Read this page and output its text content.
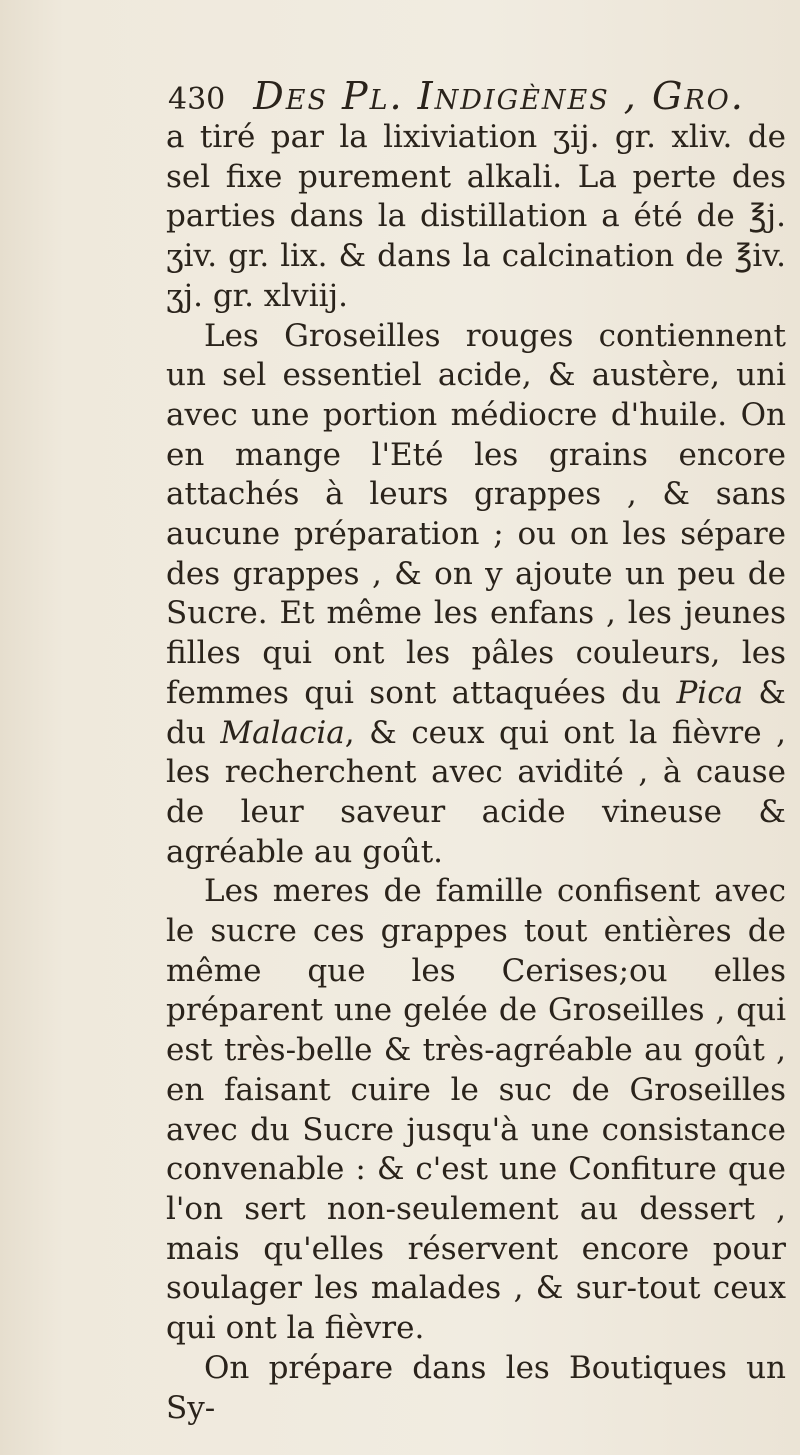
430 Des Pl. Indigènes , Gro.

a tiré par la lixiviation ʒij. gr. xliv. de sel fixe purement alkali. La perte des parties dans la distillation a été de ℥j. ʒiv. gr. lix. & dans la calcination de ℥iv. ʒj. gr. xlviij.

Les Groseilles rouges contiennent un sel essentiel acide, & austère, uni avec une portion médiocre d'huile. On en mange l'Eté les grains encore attachés à leurs grappes , & sans aucune préparation ; ou on les sépare des grappes , & on y ajoute un peu de Sucre. Et même les enfans , les jeunes filles qui ont les pâles couleurs, les femmes qui sont attaquées du Pica & du Malacia, & ceux qui ont la fièvre , les recherchent avec avidité , à cause de leur saveur acide vineuse & agréable au goût.

Les meres de famille confisent avec le sucre ces grappes tout entières de même que les Cerises;ou elles préparent une gelée de Groseilles , qui est très-belle & très-agréable au goût , en faisant cuire le suc de Groseilles avec du Sucre jusqu'à une consistance convenable : & c'est une Confiture que l'on sert non-seulement au dessert , mais qu'elles réservent encore pour soulager les malades , & sur-tout ceux qui ont la fièvre.

On prépare dans les Boutiques un Sy-
